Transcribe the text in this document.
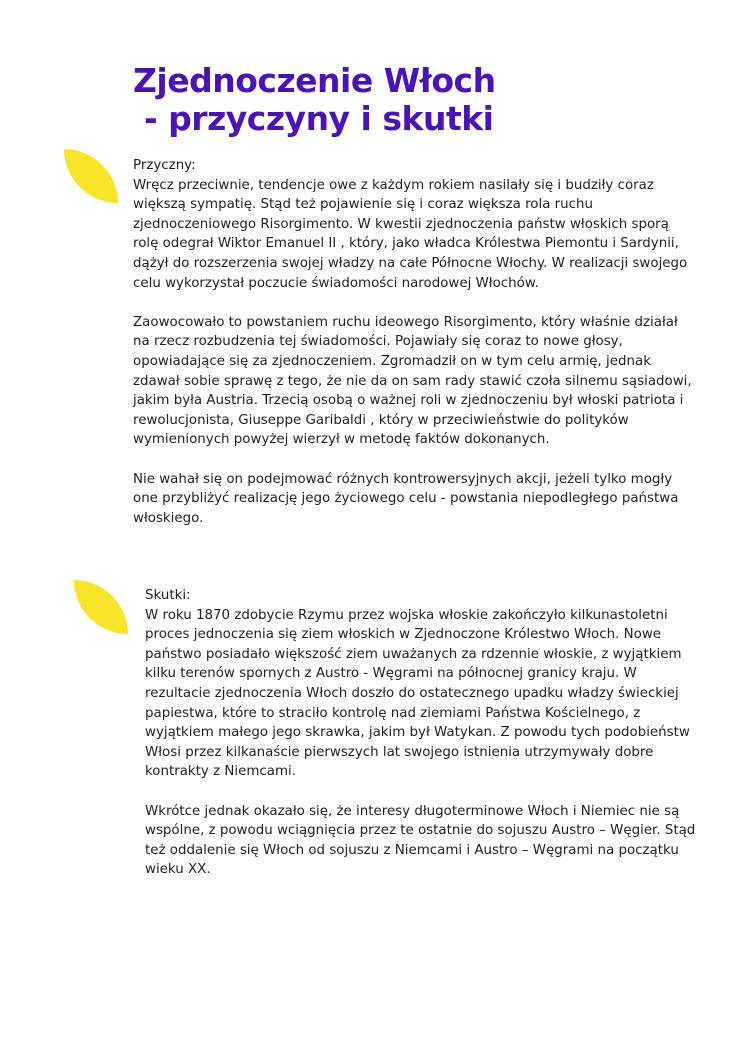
Zjednoczenie Włoch
- przyczyny i skutki
Przyczny:

Wręcz przeciwnie, tendencje owe z każdym rokiem nasilały się i budziły coraz większą sympatię. Stąd też pojawienie się i coraz większa rola ruchu zjednoczeniowego Risorgimento. W kwestii zjednoczenia państw włoskich sporą rolę odegrał Wiktor Emanuel II , który, jako władca Królestwa Piemontu i Sardynii, dążył do rozszerzenia swojej władzy na całe Północne Włochy. W realizacji swojego celu wykorzystał poczucie świadomości narodowej Włochów.

Zaowocowało to powstaniem ruchu ideowego Risorgimento, który właśnie działał na rzecz rozbudzenia tej świadomości. Pojawiały się coraz to nowe głosy, opowiadające się za zjednoczeniem. Zgromadził on w tym celu armię, jednak zdawał sobie sprawę z tego, że nie da on sam rady stawić czoła silnemu sąsiadowi, jakim była Austria. Trzecią osobą o ważnej roli w zjednoczeniu był włoski patriota i rewolucjonista, Giuseppe Garibaldi , który w przeciwieństwie do polityków wymienionych powyżej wierzył w metodę faktów dokonanych.

Nie wahał się on podejmować różnych kontrowersyjnych akcji, jeżeli tylko mogły one przybliżyć realizację jego życiowego celu - powstania niepodległego państwa włoskiego.

Skutki:

W roku 1870 zdobycie Rzymu przez wojska włoskie zakończyło kilkunastoletni proces jednoczenia się ziem włoskich w Zjednoczone Królestwo Włoch. Nowe państwo posiadało większość ziem uważanych za rdzennie włoskie, z wyjątkiem kilku terenów spornych z Austro - Węgrami na północnej granicy kraju. W rezultacie zjednoczenia Włoch doszło do ostatecznego upadku władzy świeckiej papiestwa, które to straciło kontrolę nad ziemiami Państwa Kościelnego, z wyjątkiem małego jego skrawka, jakim był Watykan. Z powodu tych podobieństw Włosi przez kilkanaście pierwszych lat swojego istnienia utrzymywały dobre kontrakty z Niemcami.

Wkrótce jednak okazało się, że interesy długoterminowe Włoch i Niemiec nie są wspólne, z powodu wciągnięcia przez te ostatnie do sojuszu Austro – Węgier. Stąd też oddalenie się Włoch od sojuszu z Niemcami i Austro – Węgrami na początku wieku XX.
